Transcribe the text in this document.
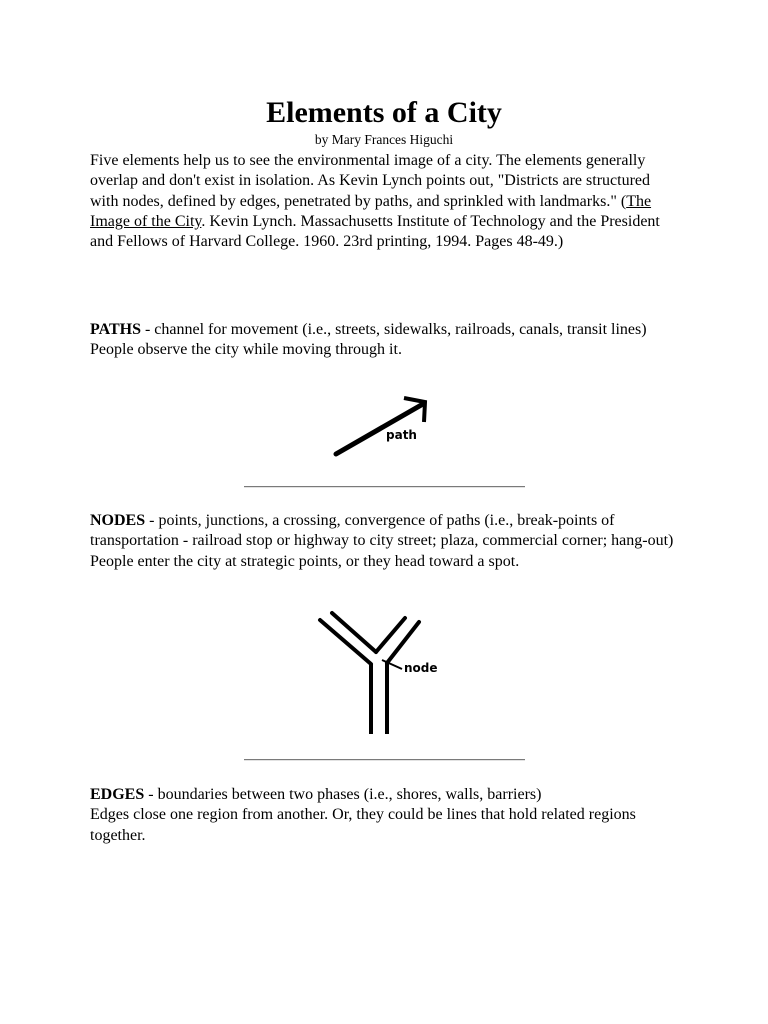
Elements of a City
by Mary Frances Higuchi
Five elements help us to see the environmental image of a city. The elements generally overlap and don't exist in isolation. As Kevin Lynch points out, "Districts are structured with nodes, defined by edges, penetrated by paths, and sprinkled with landmarks." (The Image of the City. Kevin Lynch. Massachusetts Institute of Technology and the President and Fellows of Harvard College. 1960. 23rd printing, 1994. Pages 48-49.)
PATHS - channel for movement (i.e., streets, sidewalks, railroads, canals, transit lines)
People observe the city while moving through it.
path
NODES - points, junctions, a crossing, convergence of paths (i.e., break-points of transportation - railroad stop or highway to city street; plaza, commercial corner; hang-out)
People enter the city at strategic points, or they head toward a spot.
node
EDGES - boundaries between two phases (i.e., shores, walls, barriers)
Edges close one region from another. Or, they could be lines that hold related regions together.
